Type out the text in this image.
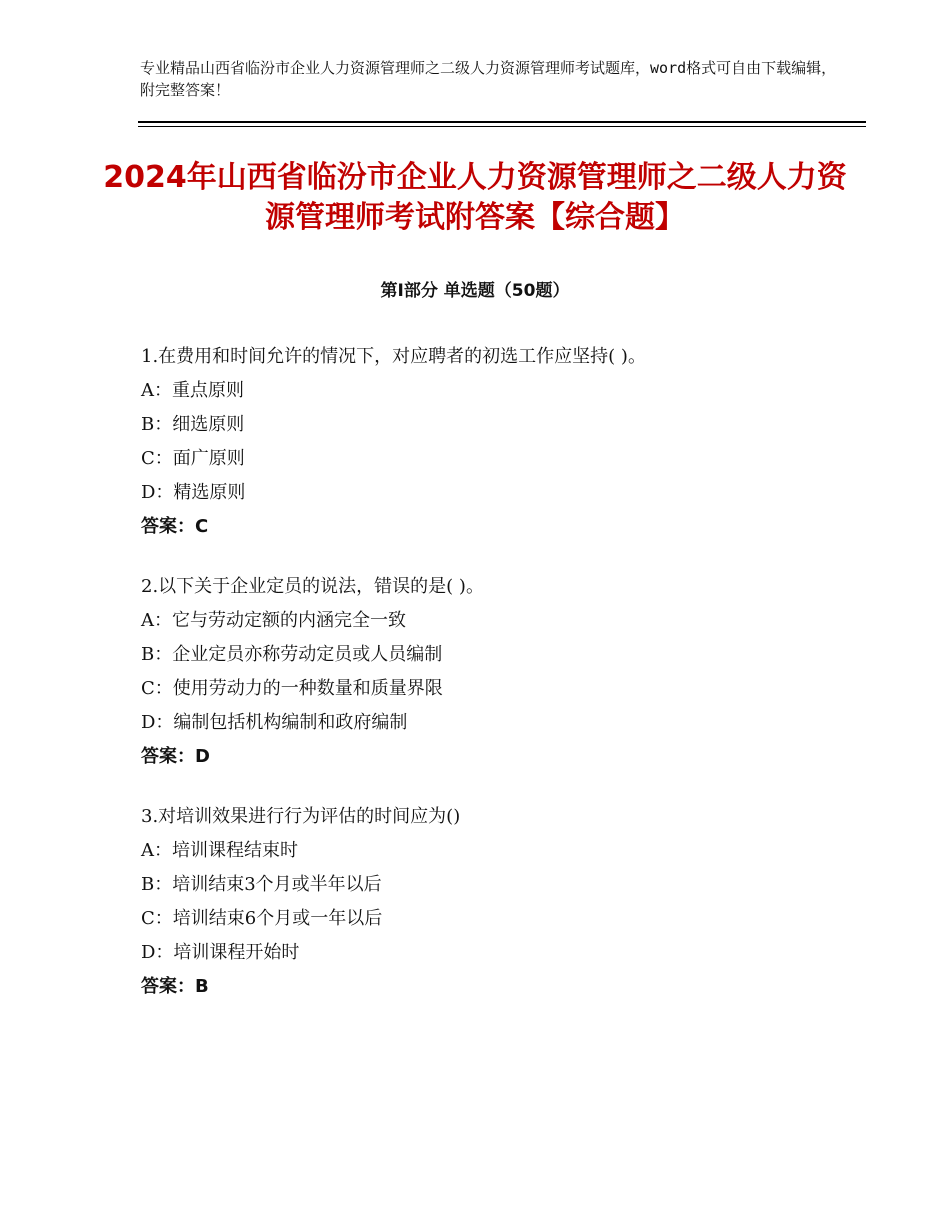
专业精品山西省临汾市企业人力资源管理师之二级人力资源管理师考试题库，word格式可自由下载编辑，附完整答案！
2024年山西省临汾市企业人力资源管理师之二级人力资源管理师考试附答案【综合题】
第Ⅰ部分 单选题（50题）
1.在费用和时间允许的情况下，对应聘者的初选工作应坚持( )。
A：重点原则
B：细选原则
C：面广原则
D：精选原则
答案：C
2.以下关于企业定员的说法，错误的是( )。
A：它与劳动定额的内涵完全一致
B：企业定员亦称劳动定员或人员编制
C：使用劳动力的一种数量和质量界限
D：编制包括机构编制和政府编制
答案：D
3.对培训效果进行行为评估的时间应为()
A：培训课程结束时
B：培训结束3个月或半年以后
C：培训结束6个月或一年以后
D：培训课程开始时
答案：B
